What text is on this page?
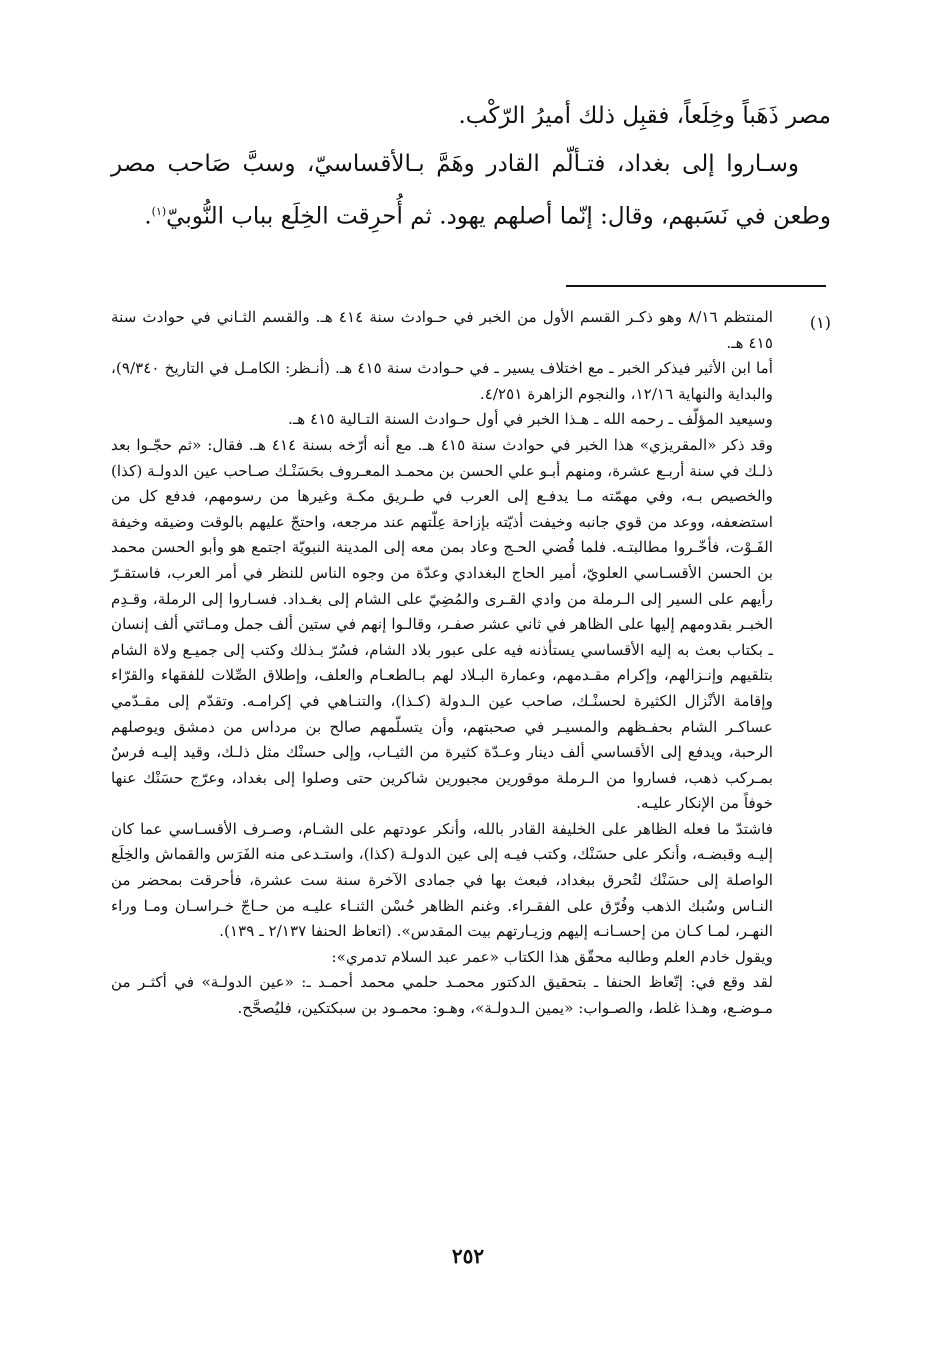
مصر ذَهَباً وخِلَعاً، فقبِل ذلك أميرُ الرّكْب.

وسـاروا إلى بغداد، فتـألّم القادر وهَمَّ بـالأقساسيّ، وسبَّ صَاحب مصر وطعن في نَسَبهم، وقال: إنّما أصلهم يهود. ثم أُحرِقت الخِلَع بباب النُّوبيّ$^{(١)}$.

(١)

المنتظم ٨/١٦ وهو ذكـر القسم الأول من الخبر في حـوادث سنة ٤١٤ هـ. والقسم الثـاني في حوادث سنة ٤١٥ هـ.

أما ابن الأثير فيذكر الخبر ـ مع اختلاف يسير ـ في حـوادث سنة ٤١٥ هـ. (أنـظر: الكامـل في التاريخ ٩/٣٤٠)، والبداية والنهاية ١٢/١٦، والنجوم الزاهرة ٤/٢٥١.

وسيعيد المؤلّف ـ رحمه الله ـ هـذا الخبر في أول حـوادث السنة التـالية ٤١٥ هـ.

وقد ذكر «المقريزي» هذا الخبر في حوادث سنة ٤١٥ هـ. مع أنه أرّخه بسنة ٤١٤ هـ. فقال: «ثم حجّـوا بعد ذلـك في سنة أربـع عشرة، ومنهم أبـو علي الحسن بن محمـد المعـروف بحَسَنْـك صـاحب عين الدولـة (كذا) والخصيص بـه، وفي مهمّته مـا يدفـع إلى العرب في طـريق مكـة وغيرها من رسومهم، فدفع كل من استضعفه، ووعد من قوي جانبه وخيفت أذيّته بإزاحة عِلّتهم عند مرجعه، واحتجّ عليهم بالوقت وضيقه وخيفة الفَـوْت، فأخّـروا مطالبتـه. فلما قُضي الحـج وعاد بمن معه إلى المدينة النبويّة اجتمع هو وأبو الحسن محمد بن الحسن الأقسـاسي العلويّ، أمير الحاج البغدادي وعدّة من وجوه الناس للنظر في أمر العرب، فاستقـرّ رأيهم على السير إلى الـرملة من وادي القـرى والمُضِيّ على الشام إلى بغـداد. فسـاروا إلى الرملة، وقـدِم الخبـر بقدومهم إليها على الظاهر في ثاني عشر صفـر، وقالـوا إنهم في ستين ألف جمل ومـائتي ألف إنسان ـ بكتاب بعث به إليه الأقساسي يستأذنه فيه على عبور بلاد الشام، فسُرّ بـذلك وكتب إلى جميـع ولاة الشام بتلقيهم وإنـزالهم، وإكرام مقـدمهم، وعمارة البـلاد لهم بـالطعـام والعلف، وإطلاق الصِّلات للفقهاء والقرّاء وإقامة الأنْزال الكثيرة لحسنْـك، صاحب عين الـدولة (كـذا)، والتنـاهي في إكرامـه. وتقدّم إلى مقـدّمي عساكـر الشام بحفـظهم والمسيـر في صحبتهم، وأن يتسلّمهم صالح بن مرداس من دمشق ويوصلهم الرحبة، ويدفع إلى الأقساسي ألف دينار وعـدّة كثيرة من الثيـاب، وإلى حسنْك مثل ذلـك، وقيد إليـه فرسٌ بمـركب ذهب، فساروا من الـرملة موقورين مجبورين شاكرين حتى وصلوا إلى بغداد، وعرّج حسَنْك عنها خوفاً من الإنكار عليـه.

فاشتدّ ما فعله الظاهر على الخليفة القادر بالله، وأنكر عودتهم على الشـام، وصـرف الأقسـاسي عما كان إليـه وقبضـه، وأنكر على حسَنْك، وكتب فيـه إلى عين الدولـة (كذا)، واستـدعى منه الفَرَس والقماش والخِلَع الواصلة إلى حسَنْك لتُحرق ببغداد، فبعث بها في جمادى الآخرة سنة ست عشرة، فأحرقت بمحضر من النـاس وسُبك الذهب وفُرّق على الفقـراء. وغنم الظاهر حُسْن الثنـاء عليـه من حـاجّ خـراسـان ومـا وراء النهـر، لمـا كـان من إحسـانـه إليهم وزيـارتهم بيت المقدس». (اتعاظ الحنفا ٢/١٣٧ ـ ١٣٩).

ويقول خادم العلم وطالبه محقّق هذا الكتاب «عمر عبد السلام تدمري»:

لقد وقع في: إتّعاظ الحنفا ـ بتحقيق الدكتور محمـد حلمي محمد أحمـد ـ: «عين الدولـة» في أكثـر من مـوضـع، وهـذا غلط، والصـواب: «يمين الـدولـة»، وهـو: محمـود بن سبكتكين، فليُصحَّح.

٢٥٢
